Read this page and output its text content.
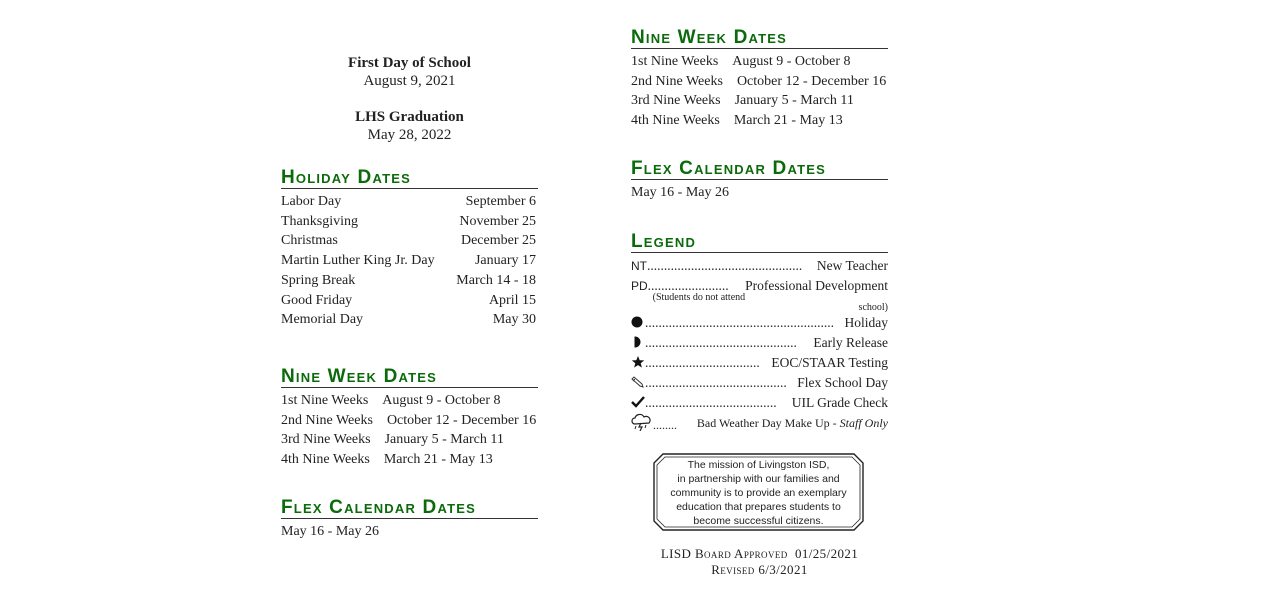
First Day of School
August 9, 2021
LHS Graduation
May 28, 2022
Holiday Dates
September 6
Labor Day
November 25
Thanksgiving
December 25
Christmas
January 17
Martin Luther King Jr. Day
March 14 - 18
Spring Break
April 15
Good Friday
May 30
Memorial Day
Nine Week Dates
1st Nine Weeks August 9 - October 8
2nd Nine Weeks October 12 - December 16
3rd Nine Weeks January 5 - March 11
4th Nine Weeks March 21 - May 13
Flex Calendar Dates
May 16 - May 26
Nine Week Dates
1st Nine Weeks August 9 - October 8
2nd Nine Weeks October 12 - December 16
3rd Nine Weeks January 5 - March 11
4th Nine Weeks March 21 - May 13
Flex Calendar Dates
May 16 - May 26
Legend
New Teacher
NT..............................................
Professional Development
PD........................
(Students do not attend school)
Holiday
........................................................
Early Release
.............................................
EOC/STAAR Testing
..................................
Flex School Day
..........................................
UIL Grade Check
.......................................
Bad Weather Day Make Up - Staff Only
........
The mission of Livingston ISD,
in partnership with our families and
community is to provide an exemplary
education that prepares students to
become successful citizens.
LISD Board Approved  01/25/2021
Revised 6/3/2021
